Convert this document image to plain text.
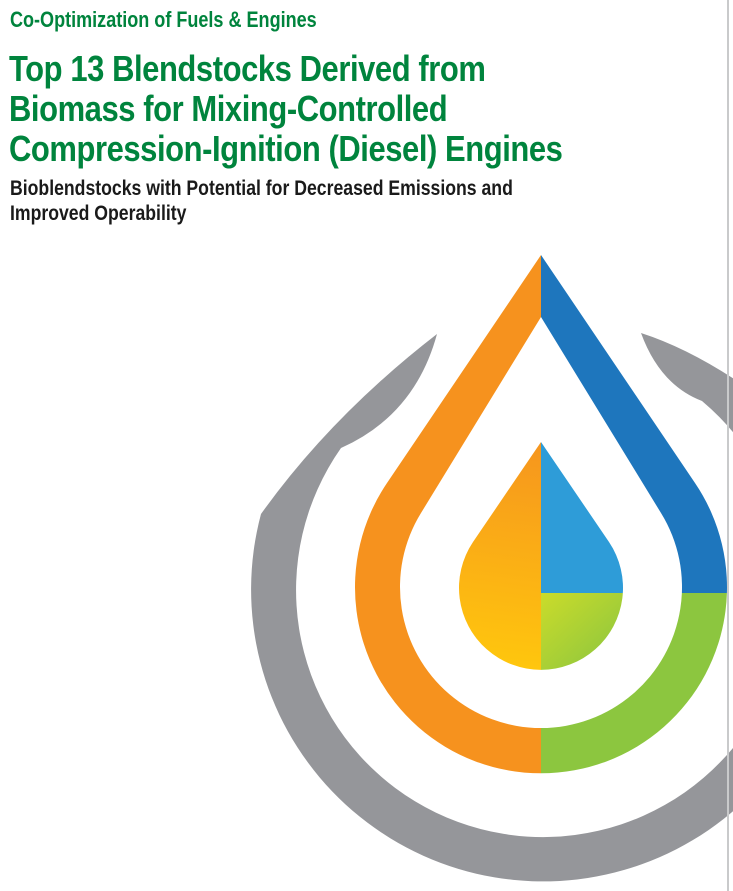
Co-Optimization of Fuels & Engines
Top 13 Blendstocks Derived from
Biomass for Mixing-Controlled
Compression-Ignition (Diesel) Engines
Bioblendstocks with Potential for Decreased Emissions and
Improved Operability
